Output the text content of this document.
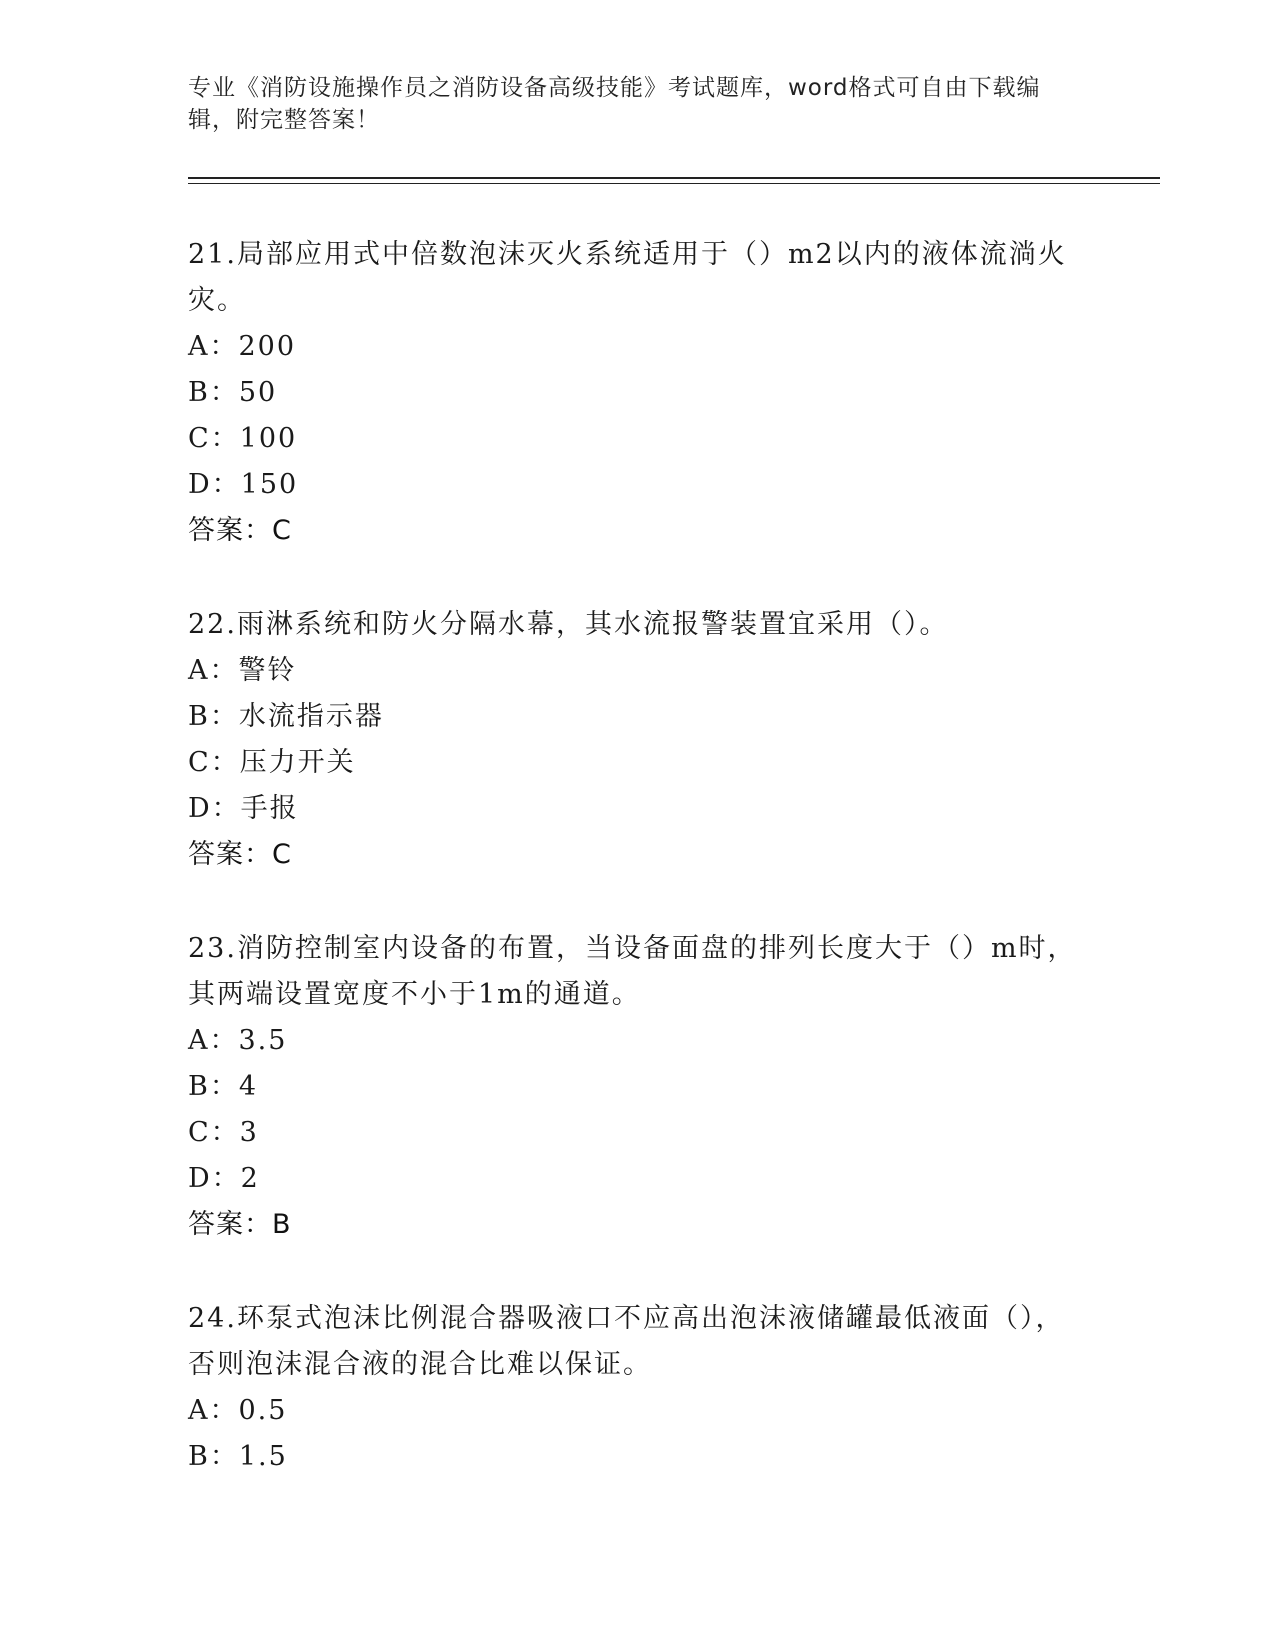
专业《消防设施操作员之消防设备高级技能》考试题库，word格式可自由下载编辑，附完整答案！

21.局部应用式中倍数泡沫灭火系统适用于（）m2以内的液体流淌火灾。

A：200

B：50

C：100

D：150

答案：C

22.雨淋系统和防火分隔水幕，其水流报警装置宜采用（）。

A：警铃

B：水流指示器

C：压力开关

D：手报

答案：C

23.消防控制室内设备的布置，当设备面盘的排列长度大于（）m时，其两端设置宽度不小于1m的通道。

A：3.5

B：4

C：3

D：2

答案：B

24.环泵式泡沫比例混合器吸液口不应高出泡沫液储罐最低液面（），否则泡沫混合液的混合比难以保证。

A：0.5

B：1.5
